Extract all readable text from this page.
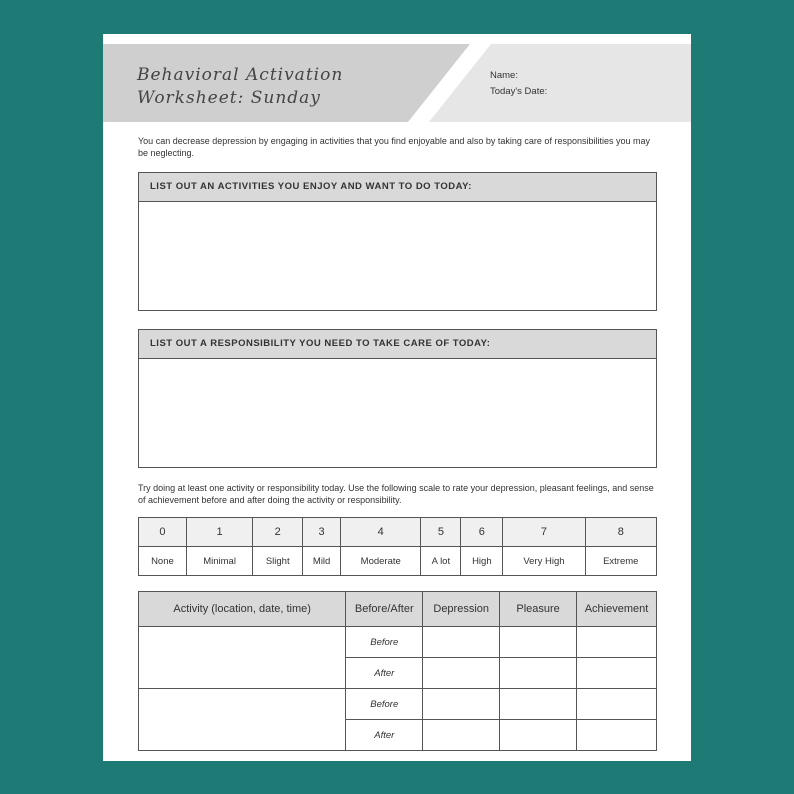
Behavioral Activation
Worksheet: Sunday
Name:
Today's Date:
You can decrease depression by engaging in activities that you find enjoyable and also by taking care of responsibilities you may be neglecting.
LIST OUT AN ACTIVITIES YOU ENJOY AND WANT TO DO TODAY:
LIST OUT A RESPONSIBILITY YOU NEED TO TAKE CARE OF TODAY:
Try doing at least one activity or responsibility today. Use the following scale to rate your depression, pleasant feelings, and sense of achievement before and after doing the activity or responsibility.
0	1	2	3	4	5	6	7	8
None	Minimal	Slight	Mild	Moderate	A lot	High	Very High	Extreme
Activity (location, date, time)	Before/After	Depression	Pleasure	Achievement
	Before			
	After			
	Before			
	After			
